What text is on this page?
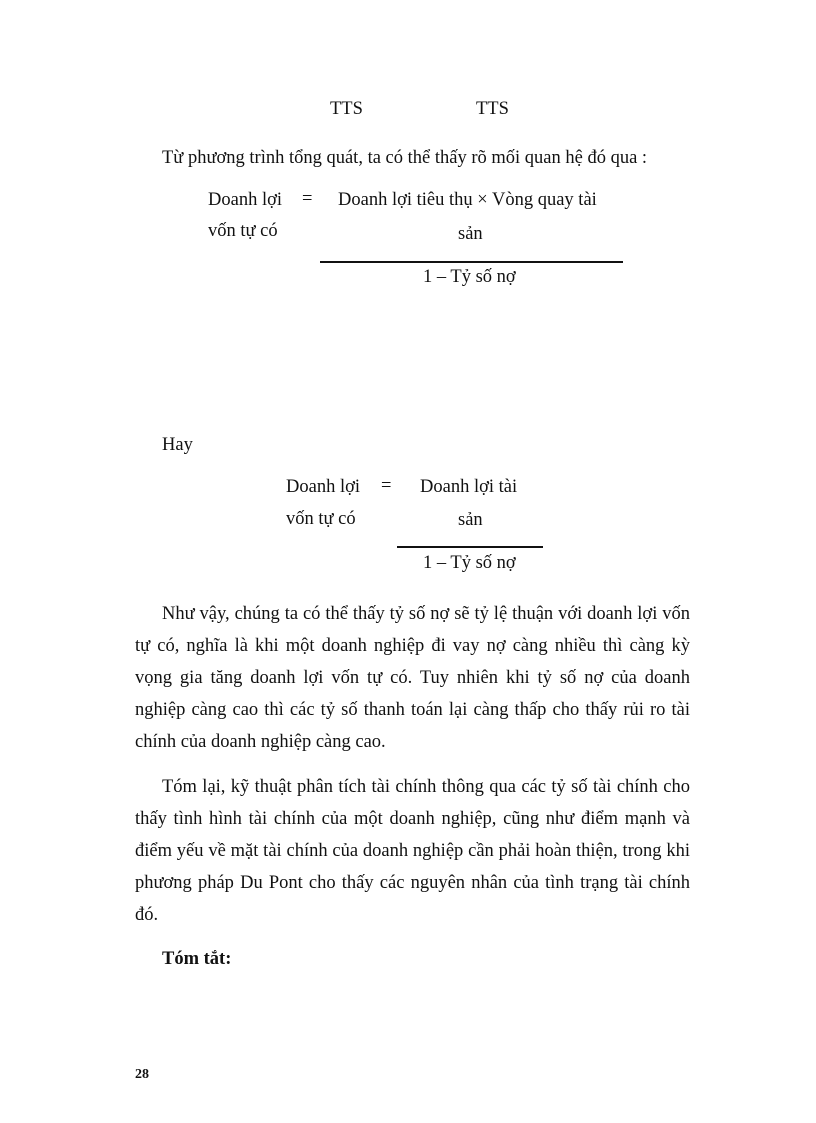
TTS	TTS
Từ phương trình tổng quát, ta có thể thấy rõ mối quan hệ đó qua :
Doanh lợi
vốn tự có
= Doanh lợi tiêu thụ × Vòng quay tài
sản
1 – Tỷ số nợ
Hay
Doanh lợi
vốn tự có
= Doanh lợi tài
sản
1 – Tỷ số nợ

Như vậy, chúng ta có thể thấy tỷ số nợ sẽ tỷ lệ thuận với doanh lợi vốn tự có, nghĩa là khi một doanh nghiệp đi vay nợ càng nhiều thì càng kỳ vọng gia tăng doanh lợi vốn tự có. Tuy nhiên khi tỷ số nợ của doanh nghiệp càng cao thì các tỷ số thanh toán lại càng thấp cho thấy rủi ro tài chính của doanh nghiệp càng cao.

Tóm lại, kỹ thuật phân tích tài chính thông qua các tỷ số tài chính cho thấy tình hình tài chính của một doanh nghiệp, cũng như điểm mạnh và điểm yếu về mặt tài chính của doanh nghiệp cần phải hoàn thiện, trong khi phương pháp Du Pont cho thấy các nguyên nhân của tình trạng tài chính đó.

Tóm tắt:
28
